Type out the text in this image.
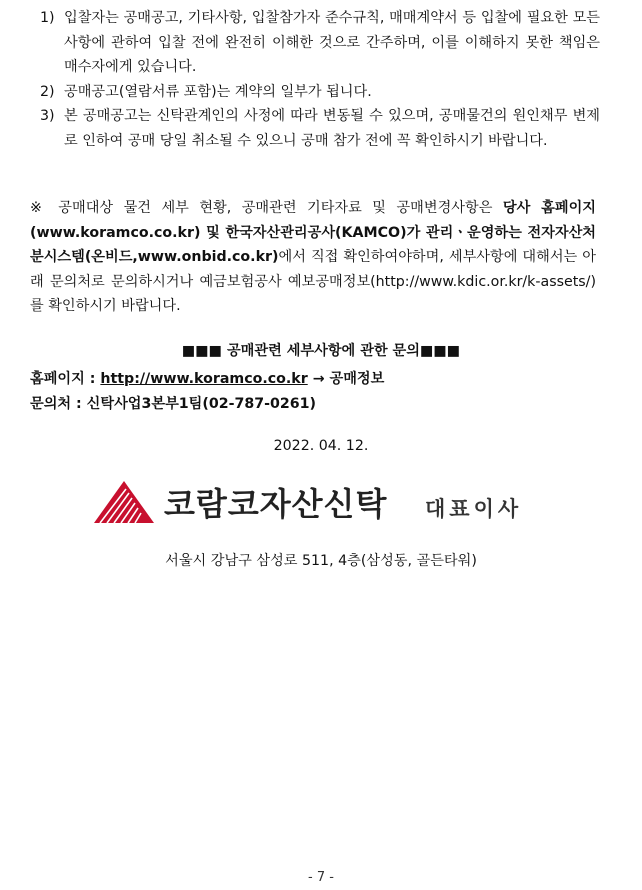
1) 입찰자는 공매공고, 기타사항, 입찰참가자 준수규칙, 매매계약서 등 입찰에 필요한 모든 사항에 관하여 입찰 전에 완전히 이해한 것으로 간주하며, 이를 이해하지 못한 책임은 매수자에게 있습니다.
2) 공매공고(열람서류 포함)는 계약의 일부가 됩니다.
3) 본 공매공고는 신탁관계인의 사정에 따라 변동될 수 있으며, 공매물건의 원인채무 변제로 인하여 공매 당일 취소될 수 있으니 공매 참가 전에 꼭 확인하시기 바랍니다.
※ 공매대상 물건 세부 현황, 공매관련 기타자료 및 공매변경사항은 당사 홈페이지 (www.koramco.co.kr) 및 한국자산관리공사(KAMCO)가 관리ㆍ운영하는 전자자산처분시스템(온비드,www.onbid.co.kr)에서 직접 확인하여야하며, 세부사항에 대해서는 아래 문의처로 문의하시거나 예금보험공사 예보공매정보(http://www.kdic.or.kr/k-assets/)를 확인하시기 바랍니다.
■■■ 공매관련 세부사항에 관한 문의■■■
홈페이지 : http://www.koramco.co.kr → 공매정보
문의처 : 신탁사업3본부1팀(02-787-0261)
2022. 04. 12.
코람코자산신탁 대표이사
서울시 강남구 삼성로 511, 4층(삼성동, 골든타워)
- 7 -
